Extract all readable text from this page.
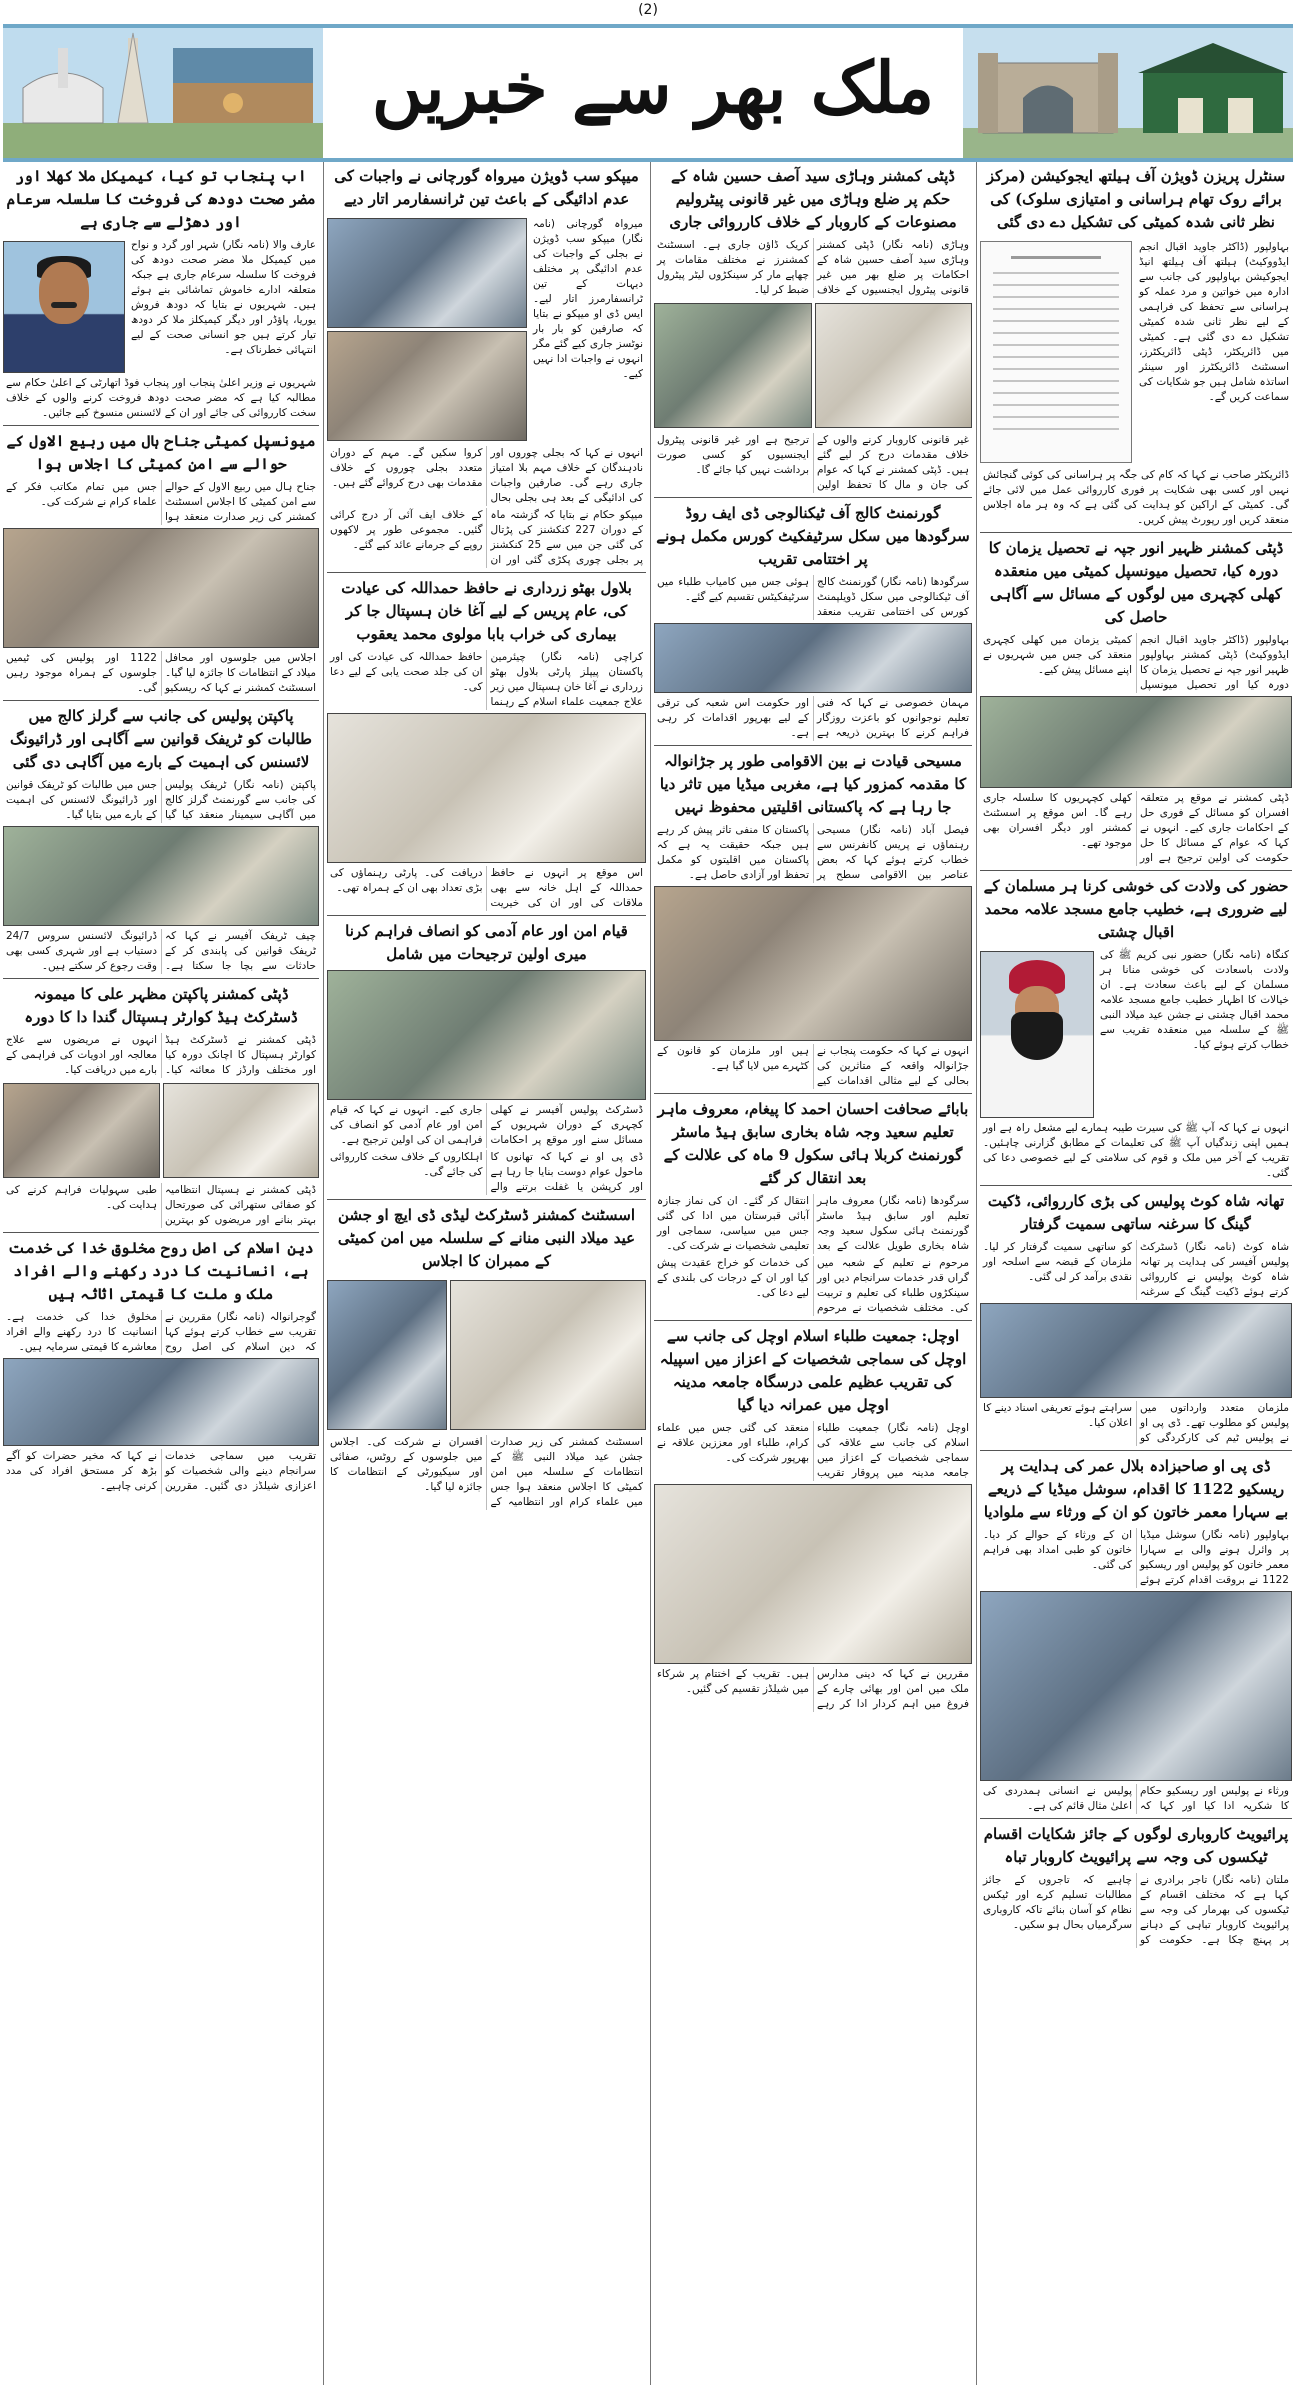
(2)
ملک بھر سے خبریں
سنٹرل پریزن ڈویژن آف ہیلتھ ایجوکیشن (مرکز برائے روک تھام ہراسانی و امتیازی سلوک) کی نظر ثانی شدہ کمیٹی کی تشکیل دے دی گئی
بہاولپور (ڈاکٹر جاوید اقبال انجم ایڈووکیٹ) ہیلتھ آف ہیلتھ انیڈ ایجوکیشن بہاولپور کی جانب سے ادارہ میں خواتین و مرد عملہ کو ہراسانی سے تحفظ کی فراہمی کے لیے نظر ثانی شدہ کمیٹی تشکیل دے دی گئی ہے۔ کمیٹی میں ڈائریکٹر، ڈپٹی ڈائریکٹرز، اسسٹنٹ ڈائریکٹرز اور سینئر اساتذہ شامل ہیں جو شکایات کی سماعت کریں گے۔
ڈائریکٹر صاحب نے کہا کہ کام کی جگہ پر ہراسانی کی کوئی گنجائش نہیں اور کسی بھی شکایت پر فوری کارروائی عمل میں لائی جائے گی۔ کمیٹی کے اراکین کو ہدایت کی گئی ہے کہ وہ ہر ماہ اجلاس منعقد کریں اور رپورٹ پیش کریں۔
ڈپٹی کمشنر ظہیر انور جپہ نے تحصیل یزمان کا دورہ کیا، تحصیل میونسپل کمیٹی میں منعقدہ کھلی کچہری میں لوگوں کے مسائل سے آگاہی حاصل کی
بہاولپور (ڈاکٹر جاوید اقبال انجم ایڈووکیٹ) ڈپٹی کمشنر بہاولپور ظہیر انور جپہ نے تحصیل یزمان کا دورہ کیا اور تحصیل میونسپل کمیٹی یزمان میں کھلی کچہری منعقد کی جس میں شہریوں نے اپنے مسائل پیش کیے۔
ڈپٹی کمشنر نے موقع پر متعلقہ افسران کو مسائل کے فوری حل کے احکامات جاری کیے۔ انہوں نے کہا کہ عوام کے مسائل کا حل حکومت کی اولین ترجیح ہے اور کھلی کچہریوں کا سلسلہ جاری رہے گا۔ اس موقع پر اسسٹنٹ کمشنر اور دیگر افسران بھی موجود تھے۔
حضور کی ولادت کی خوشی کرنا ہر مسلمان کے لیے ضروری ہے، خطیب جامع مسجد علامہ محمد اقبال چشتی
کنگاہ (نامہ نگار) حضور نبی کریم ﷺ کی ولادت باسعادت کی خوشی منانا ہر مسلمان کے لیے باعث سعادت ہے۔ ان خیالات کا اظہار خطیب جامع مسجد علامہ محمد اقبال چشتی نے جشن عید میلاد النبی ﷺ کے سلسلہ میں منعقدہ تقریب سے خطاب کرتے ہوئے کیا۔
انہوں نے کہا کہ آپ ﷺ کی سیرت طیبہ ہمارے لیے مشعل راہ ہے اور ہمیں اپنی زندگیاں آپ ﷺ کی تعلیمات کے مطابق گزارنی چاہئیں۔ تقریب کے آخر میں ملک و قوم کی سلامتی کے لیے خصوصی دعا کی گئی۔
تھانہ شاہ کوٹ پولیس کی بڑی کارروائی، ڈکیت گینگ کا سرغنہ ساتھی سمیت گرفتار
شاہ کوٹ (نامہ نگار) ڈسٹرکٹ پولیس آفیسر کی ہدایت پر تھانہ شاہ کوٹ پولیس نے کارروائی کرتے ہوئے ڈکیت گینگ کے سرغنہ کو ساتھی سمیت گرفتار کر لیا۔ ملزمان کے قبضہ سے اسلحہ اور نقدی برآمد کر لی گئی۔
ملزمان متعدد وارداتوں میں پولیس کو مطلوب تھے۔ ڈی پی او نے پولیس ٹیم کی کارکردگی کو سراہتے ہوئے تعریفی اسناد دینے کا اعلان کیا۔
ڈی پی او صاحبزادہ بلال عمر کی ہدایت پر ریسکیو 1122 کا اقدام، سوشل میڈیا کے ذریعے بے سہارا معمر خاتون کو ان کے ورثاء سے ملوادیا
بہاولپور (نامہ نگار) سوشل میڈیا پر وائرل ہونے والی بے سہارا معمر خاتون کو پولیس اور ریسکیو 1122 نے بروقت اقدام کرتے ہوئے ان کے ورثاء کے حوالے کر دیا۔ خاتون کو طبی امداد بھی فراہم کی گئی۔
ورثاء نے پولیس اور ریسکیو حکام کا شکریہ ادا کیا اور کہا کہ پولیس نے انسانی ہمدردی کی اعلیٰ مثال قائم کی ہے۔
پرائیویٹ کاروباری لوگوں کے جائز شکایات اقسام ٹیکسوں کی وجہ سے پرائیویٹ کاروبار تباہ
ملتان (نامہ نگار) تاجر برادری نے کہا ہے کہ مختلف اقسام کے ٹیکسوں کی بھرمار کی وجہ سے پرائیویٹ کاروبار تباہی کے دہانے پر پہنچ چکا ہے۔ حکومت کو چاہیے کہ تاجروں کے جائز مطالبات تسلیم کرے اور ٹیکس نظام کو آسان بنائے تاکہ کاروباری سرگرمیاں بحال ہو سکیں۔
ڈپٹی کمشنر وہاڑی سید آصف حسین شاہ کے حکم پر ضلع وہاڑی میں غیر قانونی پیٹرولیم مصنوعات کے کاروبار کے خلاف کارروائی جاری
وہاڑی (نامہ نگار) ڈپٹی کمشنر وہاڑی سید آصف حسین شاہ کے احکامات پر ضلع بھر میں غیر قانونی پیٹرول ایجنسیوں کے خلاف کریک ڈاؤن جاری ہے۔ اسسٹنٹ کمشنرز نے مختلف مقامات پر چھاپے مار کر سینکڑوں لیٹر پیٹرول ضبط کر لیا۔
غیر قانونی کاروبار کرنے والوں کے خلاف مقدمات درج کر لیے گئے ہیں۔ ڈپٹی کمشنر نے کہا کہ عوام کی جان و مال کا تحفظ اولین ترجیح ہے اور غیر قانونی پیٹرول ایجنسیوں کو کسی صورت برداشت نہیں کیا جائے گا۔
گورنمنٹ کالج آف ٹیکنالوجی ڈی ایف روڈ سرگودھا میں سکل سرٹیفکیٹ کورس مکمل ہونے پر اختتامی تقریب
سرگودھا (نامہ نگار) گورنمنٹ کالج آف ٹیکنالوجی میں سکل ڈویلپمنٹ کورس کی اختتامی تقریب منعقد ہوئی جس میں کامیاب طلباء میں سرٹیفکیٹس تقسیم کیے گئے۔
مہمان خصوصی نے کہا کہ فنی تعلیم نوجوانوں کو باعزت روزگار فراہم کرنے کا بہترین ذریعہ ہے اور حکومت اس شعبہ کی ترقی کے لیے بھرپور اقدامات کر رہی ہے۔
مسیحی قیادت نے بین الاقوامی طور پر جڑانوالہ کا مقدمہ کمزور کیا ہے، مغربی میڈیا میں تاثر دیا جا رہا ہے کہ پاکستانی اقلیتیں محفوظ نہیں
فیصل آباد (نامہ نگار) مسیحی رہنماؤں نے پریس کانفرنس سے خطاب کرتے ہوئے کہا کہ بعض عناصر بین الاقوامی سطح پر پاکستان کا منفی تاثر پیش کر رہے ہیں جبکہ حقیقت یہ ہے کہ پاکستان میں اقلیتوں کو مکمل تحفظ اور آزادی حاصل ہے۔
انہوں نے کہا کہ حکومت پنجاب نے جڑانوالہ واقعہ کے متاثرین کی بحالی کے لیے مثالی اقدامات کیے ہیں اور ملزمان کو قانون کے کٹہرے میں لایا گیا ہے۔
بابائے صحافت احسان احمد کا پیغام، معروف ماہر تعلیم سعید وجہ شاہ بخاری سابق ہیڈ ماسٹر گورنمنٹ کربلا ہائی سکول 9 ماہ کی علالت کے بعد انتقال کر گئے
سرگودھا (نامہ نگار) معروف ماہر تعلیم اور سابق ہیڈ ماسٹر گورنمنٹ ہائی سکول سعید وجہ شاہ بخاری طویل علالت کے بعد انتقال کر گئے۔ ان کی نماز جنازہ آبائی قبرستان میں ادا کی گئی جس میں سیاسی، سماجی اور تعلیمی شخصیات نے شرکت کی۔
مرحوم نے تعلیم کے شعبہ میں گراں قدر خدمات سرانجام دیں اور سینکڑوں طلباء کی تعلیم و تربیت کی۔ مختلف شخصیات نے مرحوم کی خدمات کو خراج عقیدت پیش کیا اور ان کے درجات کی بلندی کے لیے دعا کی۔
اوچل: جمعیت طلباء اسلام اوچل کی جانب سے اوچل کی سماجی شخصیات کے اعزاز میں اسپیلہ کی تقریب عظیم علمی درسگاہ جامعہ مدینہ اوچل میں عمرانہ دیا گیا
اوچل (نامہ نگار) جمعیت طلباء اسلام کی جانب سے علاقہ کی سماجی شخصیات کے اعزاز میں جامعہ مدینہ میں پروقار تقریب منعقد کی گئی جس میں علماء کرام، طلباء اور معززین علاقہ نے بھرپور شرکت کی۔
مقررین نے کہا کہ دینی مدارس ملک میں امن اور بھائی چارے کے فروغ میں اہم کردار ادا کر رہے ہیں۔ تقریب کے اختتام پر شرکاء میں شیلڈز تقسیم کی گئیں۔
میپکو سب ڈویژن میرواہ گورچانی نے واجبات کی عدم ادائیگی کے باعث تین ٹرانسفارمر اتار دیے
میرواہ گورچانی (نامہ نگار) میپکو سب ڈویژن نے بجلی کے واجبات کی عدم ادائیگی پر مختلف دیہات کے تین ٹرانسفارمرز اتار لیے۔ ایس ڈی او میپکو نے بتایا کہ صارفین کو بار بار نوٹسز جاری کیے گئے مگر انہوں نے واجبات ادا نہیں کیے۔
انہوں نے کہا کہ بجلی چوروں اور نادہندگان کے خلاف مہم بلا امتیاز جاری رہے گی۔ صارفین واجبات کی ادائیگی کے بعد ہی بجلی بحال کروا سکیں گے۔ مہم کے دوران متعدد بجلی چوروں کے خلاف مقدمات بھی درج کروائے گئے ہیں۔
میپکو حکام نے بتایا کہ گزشتہ ماہ کے دوران 227 کنکشنز کی پڑتال کی گئی جن میں سے 25 کنکشنز پر بجلی چوری پکڑی گئی اور ان کے خلاف ایف آئی آر درج کرائی گئیں۔ مجموعی طور پر لاکھوں روپے کے جرمانے عائد کیے گئے۔
بلاول بھٹو زرداری نے حافظ حمداللہ کی عیادت کی، عام پریس کے لیے آغا خان ہسپتال جا کر بیماری کی خراب بابا مولوی محمد یعقوب
کراچی (نامہ نگار) چیئرمین پاکستان پیپلز پارٹی بلاول بھٹو زرداری نے آغا خان ہسپتال میں زیر علاج جمعیت علماء اسلام کے رہنما حافظ حمداللہ کی عیادت کی اور ان کی جلد صحت یابی کے لیے دعا کی۔
اس موقع پر انہوں نے حافظ حمداللہ کے اہل خانہ سے بھی ملاقات کی اور ان کی خیریت دریافت کی۔ پارٹی رہنماؤں کی بڑی تعداد بھی ان کے ہمراہ تھی۔
قیام امن اور عام آدمی کو انصاف فراہم کرنا میری اولین ترجیحات میں شامل
ڈسٹرکٹ پولیس آفیسر نے کھلی کچہری کے دوران شہریوں کے مسائل سنے اور موقع پر احکامات جاری کیے۔ انہوں نے کہا کہ قیام امن اور عام آدمی کو انصاف کی فراہمی ان کی اولین ترجیح ہے۔
ڈی پی او نے کہا کہ تھانوں کا ماحول عوام دوست بنایا جا رہا ہے اور کرپشن یا غفلت برتنے والے اہلکاروں کے خلاف سخت کارروائی کی جائے گی۔
اسسٹنٹ کمشنر ڈسٹرکٹ لیڈی ڈی ایچ او جشن عید میلاد النبی منانے کے سلسلہ میں امن کمیٹی کے ممبران کا اجلاس
اسسٹنٹ کمشنر کی زیر صدارت جشن عید میلاد النبی ﷺ کے انتظامات کے سلسلہ میں امن کمیٹی کا اجلاس منعقد ہوا جس میں علماء کرام اور انتظامیہ کے افسران نے شرکت کی۔ اجلاس میں جلوسوں کے روٹس، صفائی اور سیکیورٹی کے انتظامات کا جائزہ لیا گیا۔
اب پنجاب تو کیا، کیمیکل ملا کھلا اور مضر صحت دودھ کی فروخت کا سلسلہ سرعام اور دھڑلے سے جاری ہے
عارف والا (نامہ نگار) شہر اور گرد و نواح میں کیمیکل ملا مضر صحت دودھ کی فروخت کا سلسلہ سرعام جاری ہے جبکہ متعلقہ ادارے خاموش تماشائی بنے ہوئے ہیں۔ شہریوں نے بتایا کہ دودھ فروش یوریا، پاؤڈر اور دیگر کیمیکلز ملا کر دودھ تیار کرتے ہیں جو انسانی صحت کے لیے انتہائی خطرناک ہے۔
شہریوں نے وزیر اعلیٰ پنجاب اور پنجاب فوڈ اتھارٹی کے اعلیٰ حکام سے مطالبہ کیا ہے کہ مضر صحت دودھ فروخت کرنے والوں کے خلاف سخت کارروائی کی جائے اور ان کے لائسنس منسوخ کیے جائیں۔
میونسپل کمیٹی جناح ہال میں ربیع الاول کے حوالے سے امن کمیٹی کا اجلاس ہوا
جناح ہال میں ربیع الاول کے حوالے سے امن کمیٹی کا اجلاس اسسٹنٹ کمشنر کی زیر صدارت منعقد ہوا جس میں تمام مکاتب فکر کے علماء کرام نے شرکت کی۔
اجلاس میں جلوسوں اور محافل میلاد کے انتظامات کا جائزہ لیا گیا۔ اسسٹنٹ کمشنر نے کہا کہ ریسکیو 1122 اور پولیس کی ٹیمیں جلوسوں کے ہمراہ موجود رہیں گی۔
پاکپتن پولیس کی جانب سے گرلز کالج میں طالبات کو ٹریفک قوانین سے آگاہی اور ڈرائیونگ لائسنس کی اہمیت کے بارے میں آگاہی دی گئی
پاکپتن (نامہ نگار) ٹریفک پولیس کی جانب سے گورنمنٹ گرلز کالج میں آگاہی سیمینار منعقد کیا گیا جس میں طالبات کو ٹریفک قوانین اور ڈرائیونگ لائسنس کی اہمیت کے بارے میں بتایا گیا۔
چیف ٹریفک آفیسر نے کہا کہ ٹریفک قوانین کی پابندی کر کے حادثات سے بچا جا سکتا ہے۔ ڈرائیونگ لائسنس سروس 24/7 دستیاب ہے اور شہری کسی بھی وقت رجوع کر سکتے ہیں۔
ڈپٹی کمشنر پاکپتن مظہر علی کا میمونہ ڈسٹرکٹ ہیڈ کوارٹر ہسپتال گندا دا کا دورہ
ڈپٹی کمشنر نے ڈسٹرکٹ ہیڈ کوارٹر ہسپتال کا اچانک دورہ کیا اور مختلف وارڈز کا معائنہ کیا۔ انہوں نے مریضوں سے علاج معالجہ اور ادویات کی فراہمی کے بارے میں دریافت کیا۔
ڈپٹی کمشنر نے ہسپتال انتظامیہ کو صفائی ستھرائی کی صورتحال بہتر بنانے اور مریضوں کو بہترین طبی سہولیات فراہم کرنے کی ہدایت کی۔
دین اسلام کی اصل روح مخلوق خدا کی خدمت ہے، انسانیت کا درد رکھنے والے افراد ملک و ملت کا قیمتی اثاثہ ہیں
گوجرانوالہ (نامہ نگار) مقررین نے تقریب سے خطاب کرتے ہوئے کہا کہ دین اسلام کی اصل روح مخلوق خدا کی خدمت ہے۔ انسانیت کا درد رکھنے والے افراد معاشرے کا قیمتی سرمایہ ہیں۔
تقریب میں سماجی خدمات سرانجام دینے والی شخصیات کو اعزازی شیلڈز دی گئیں۔ مقررین نے کہا کہ مخیر حضرات کو آگے بڑھ کر مستحق افراد کی مدد کرنی چاہیے۔
